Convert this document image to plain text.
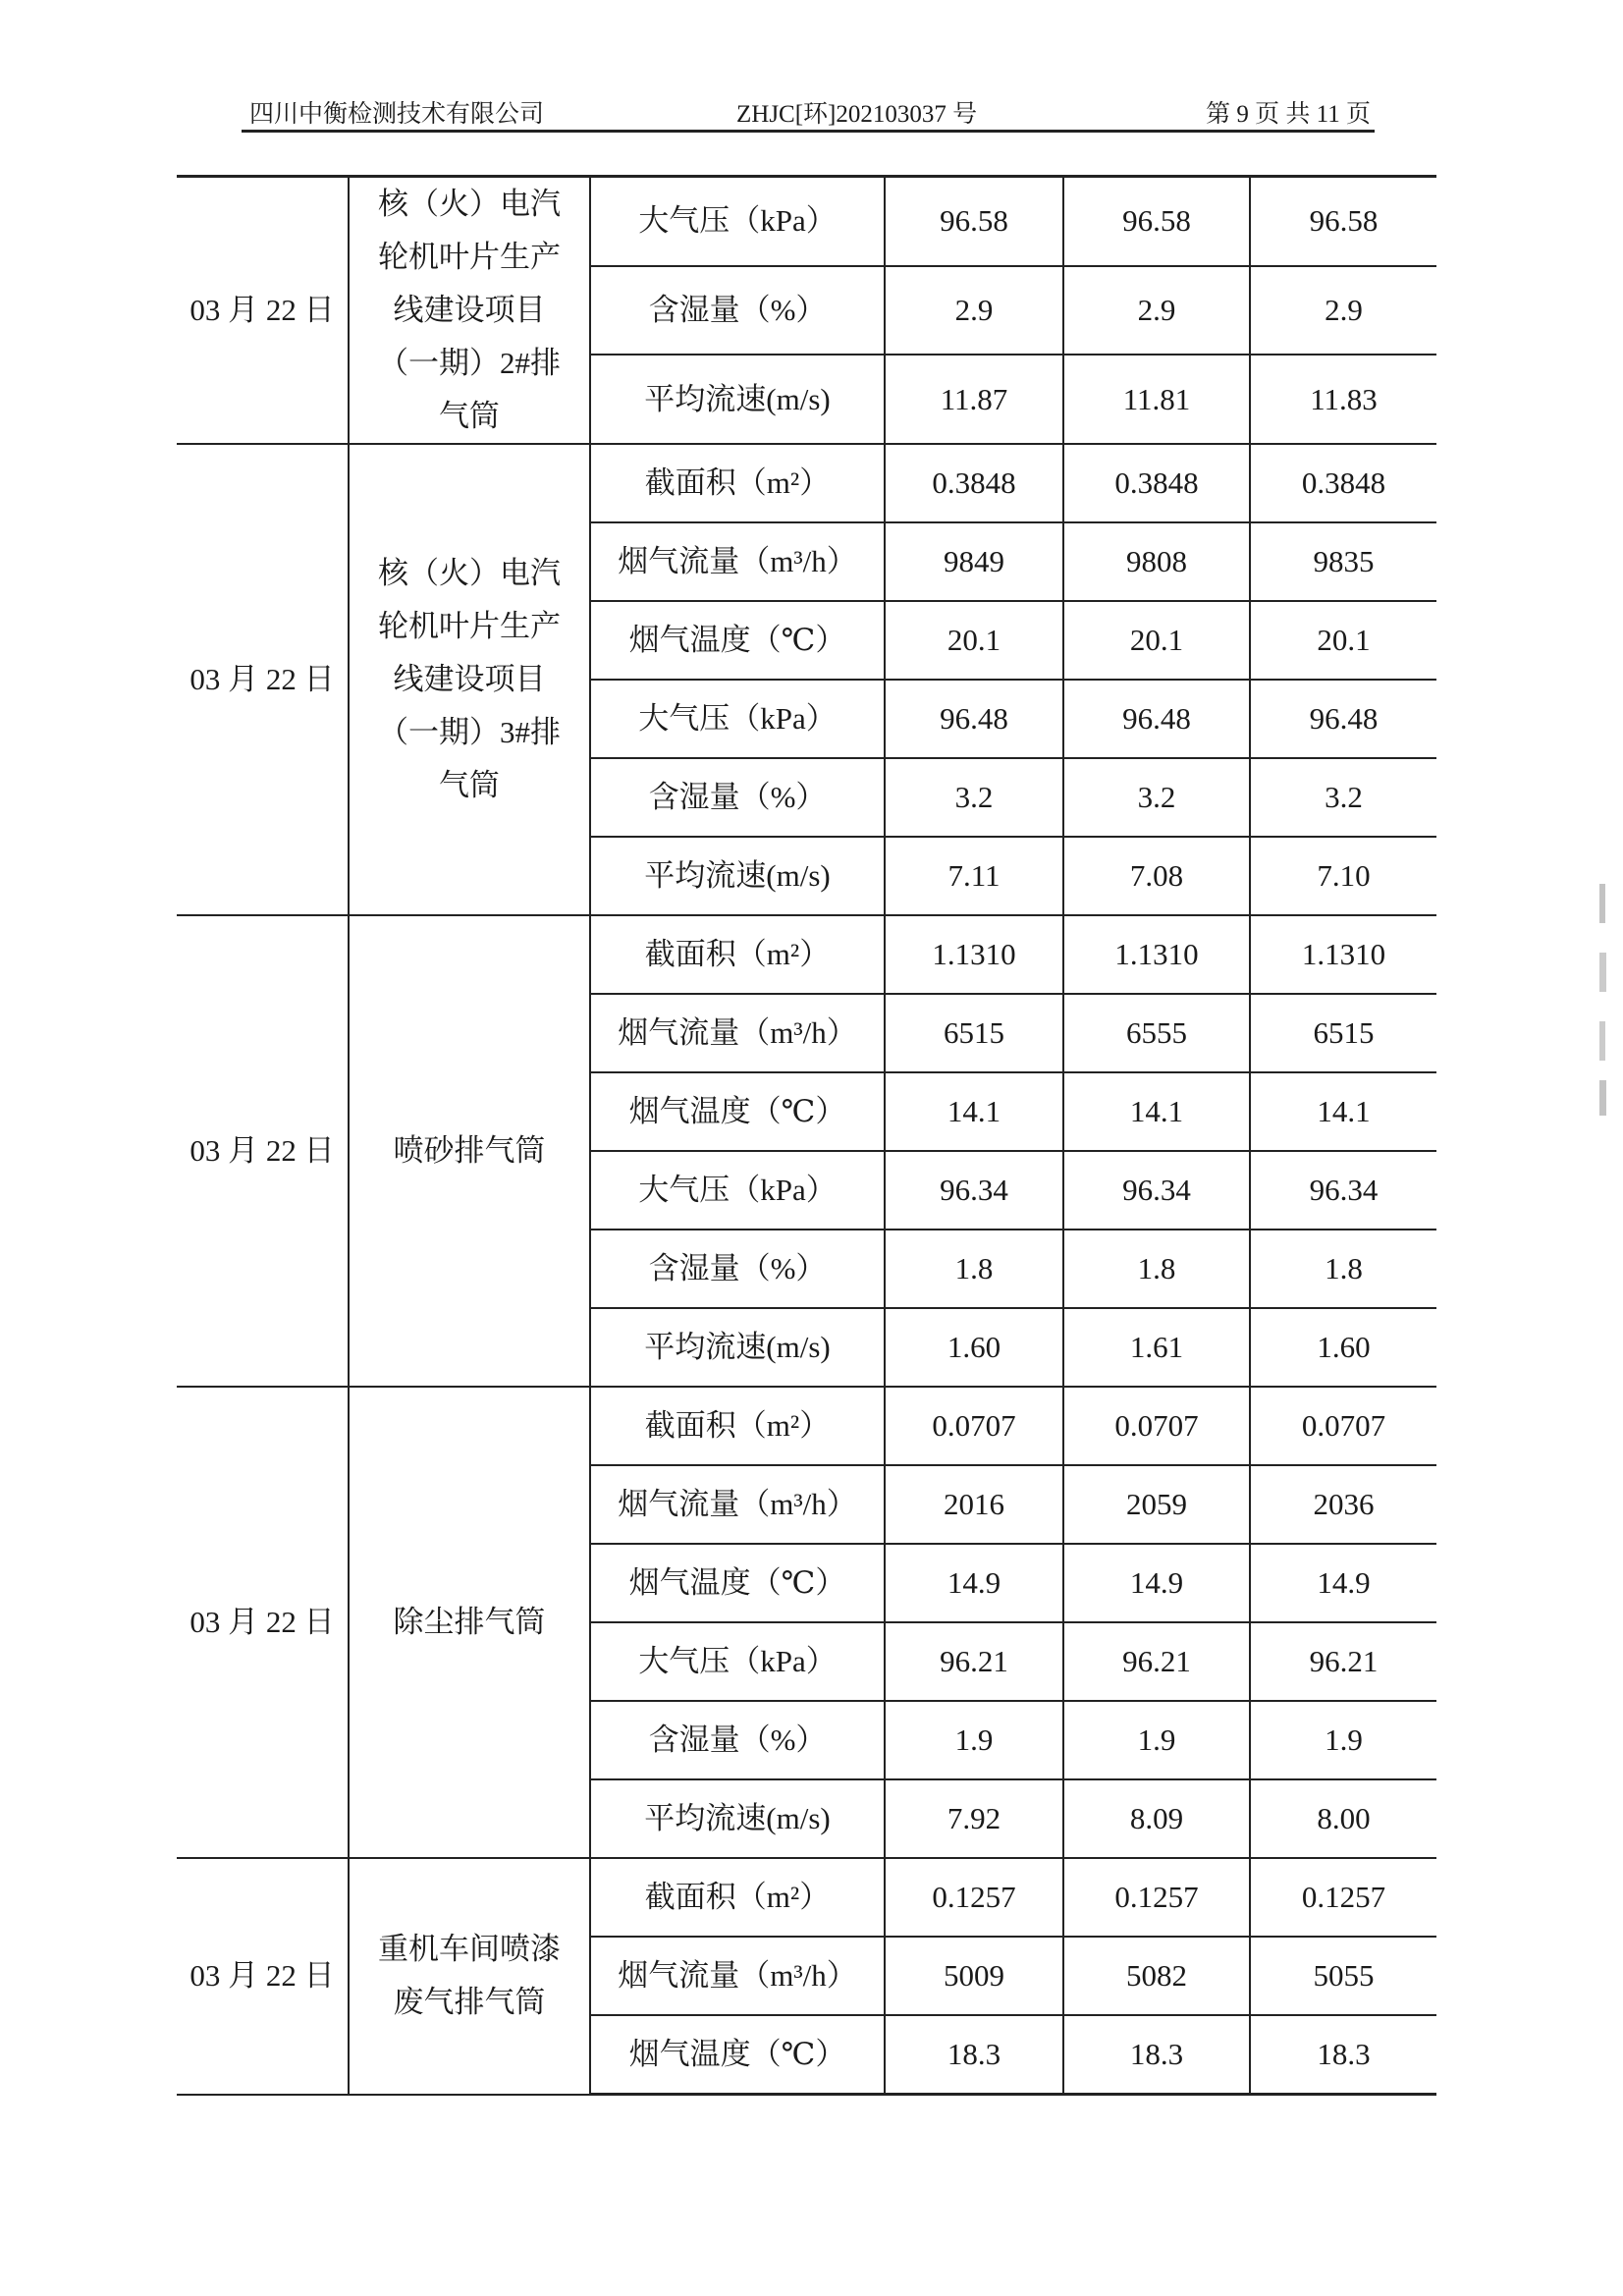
四川中衡检测技术有限公司	ZHJC[环]202103037 号	第 9 页 共 11 页
03 月 22 日	核（火）电汽轮机叶片生产线建设项目（一期）2#排气筒	大气压（kPa）	96.58	96.58	96.58
		含湿量（%）	2.9	2.9	2.9
		平均流速(m/s)	11.87	11.81	11.83
03 月 22 日	核（火）电汽轮机叶片生产线建设项目（一期）3#排气筒	截面积（m²）	0.3848	0.3848	0.3848
		烟气流量（m³/h）	9849	9808	9835
		烟气温度（℃）	20.1	20.1	20.1
		大气压（kPa）	96.48	96.48	96.48
		含湿量（%）	3.2	3.2	3.2
		平均流速(m/s)	7.11	7.08	7.10
03 月 22 日	喷砂排气筒	截面积（m²）	1.1310	1.1310	1.1310
		烟气流量（m³/h）	6515	6555	6515
		烟气温度（℃）	14.1	14.1	14.1
		大气压（kPa）	96.34	96.34	96.34
		含湿量（%）	1.8	1.8	1.8
		平均流速(m/s)	1.60	1.61	1.60
03 月 22 日	除尘排气筒	截面积（m²）	0.0707	0.0707	0.0707
		烟气流量（m³/h）	2016	2059	2036
		烟气温度（℃）	14.9	14.9	14.9
		大气压（kPa）	96.21	96.21	96.21
		含湿量（%）	1.9	1.9	1.9
		平均流速(m/s)	7.92	8.09	8.00
03 月 22 日	重机车间喷漆废气排气筒	截面积（m²）	0.1257	0.1257	0.1257
		烟气流量（m³/h）	5009	5082	5055
		烟气温度（℃）	18.3	18.3	18.3
